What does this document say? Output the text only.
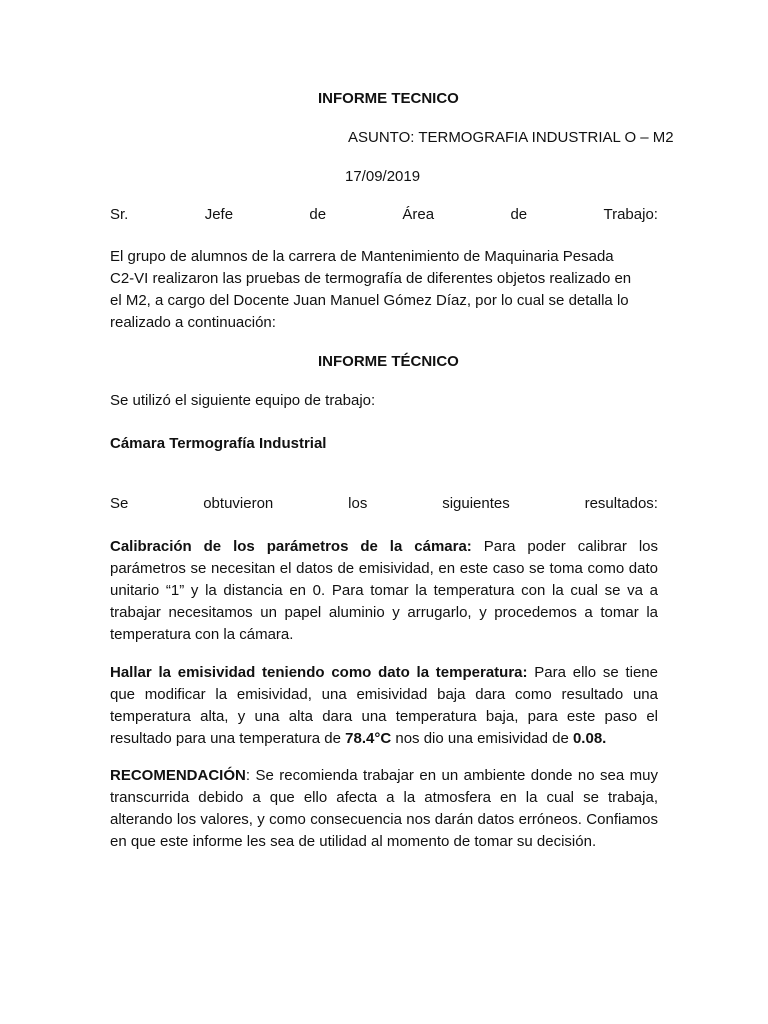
INFORME TECNICO
ASUNTO: TERMOGRAFIA INDUSTRIAL O – M2
17/09/2019
Sr.	Jefe	de	Área	de	Trabajo:
El grupo de alumnos de la carrera de Mantenimiento de Maquinaria Pesada
C2-VI realizaron las pruebas de termografía de diferentes objetos realizado en
el M2, a cargo del Docente Juan Manuel Gómez Díaz, por lo cual se detalla lo
realizado a continuación:
INFORME TÉCNICO
Se utilizó el siguiente equipo de trabajo:
Cámara Termografía Industrial
Se	obtuvieron	los	siguientes	resultados:
Calibración de los parámetros de la cámara: Para poder calibrar los parámetros se necesitan el datos de emisividad, en este caso se toma como dato unitario “1” y la distancia en 0. Para tomar la temperatura con la cual se va a trabajar necesitamos un papel aluminio y arrugarlo, y procedemos a tomar la temperatura con la cámara.
Hallar la emisividad teniendo como dato la temperatura: Para ello se tiene que modificar la emisividad, una emisividad baja dara como resultado una temperatura alta, y una alta dara una temperatura baja, para este paso el resultado para una temperatura de 78.4°C nos dio una emisividad de 0.08.
RECOMENDACIÓN: Se recomienda trabajar en un ambiente donde no sea muy transcurrida debido a que ello afecta a la atmosfera en la cual se trabaja, alterando los valores, y como consecuencia nos darán datos erróneos. Confiamos en que este informe les sea de utilidad al momento de tomar su decisión.
